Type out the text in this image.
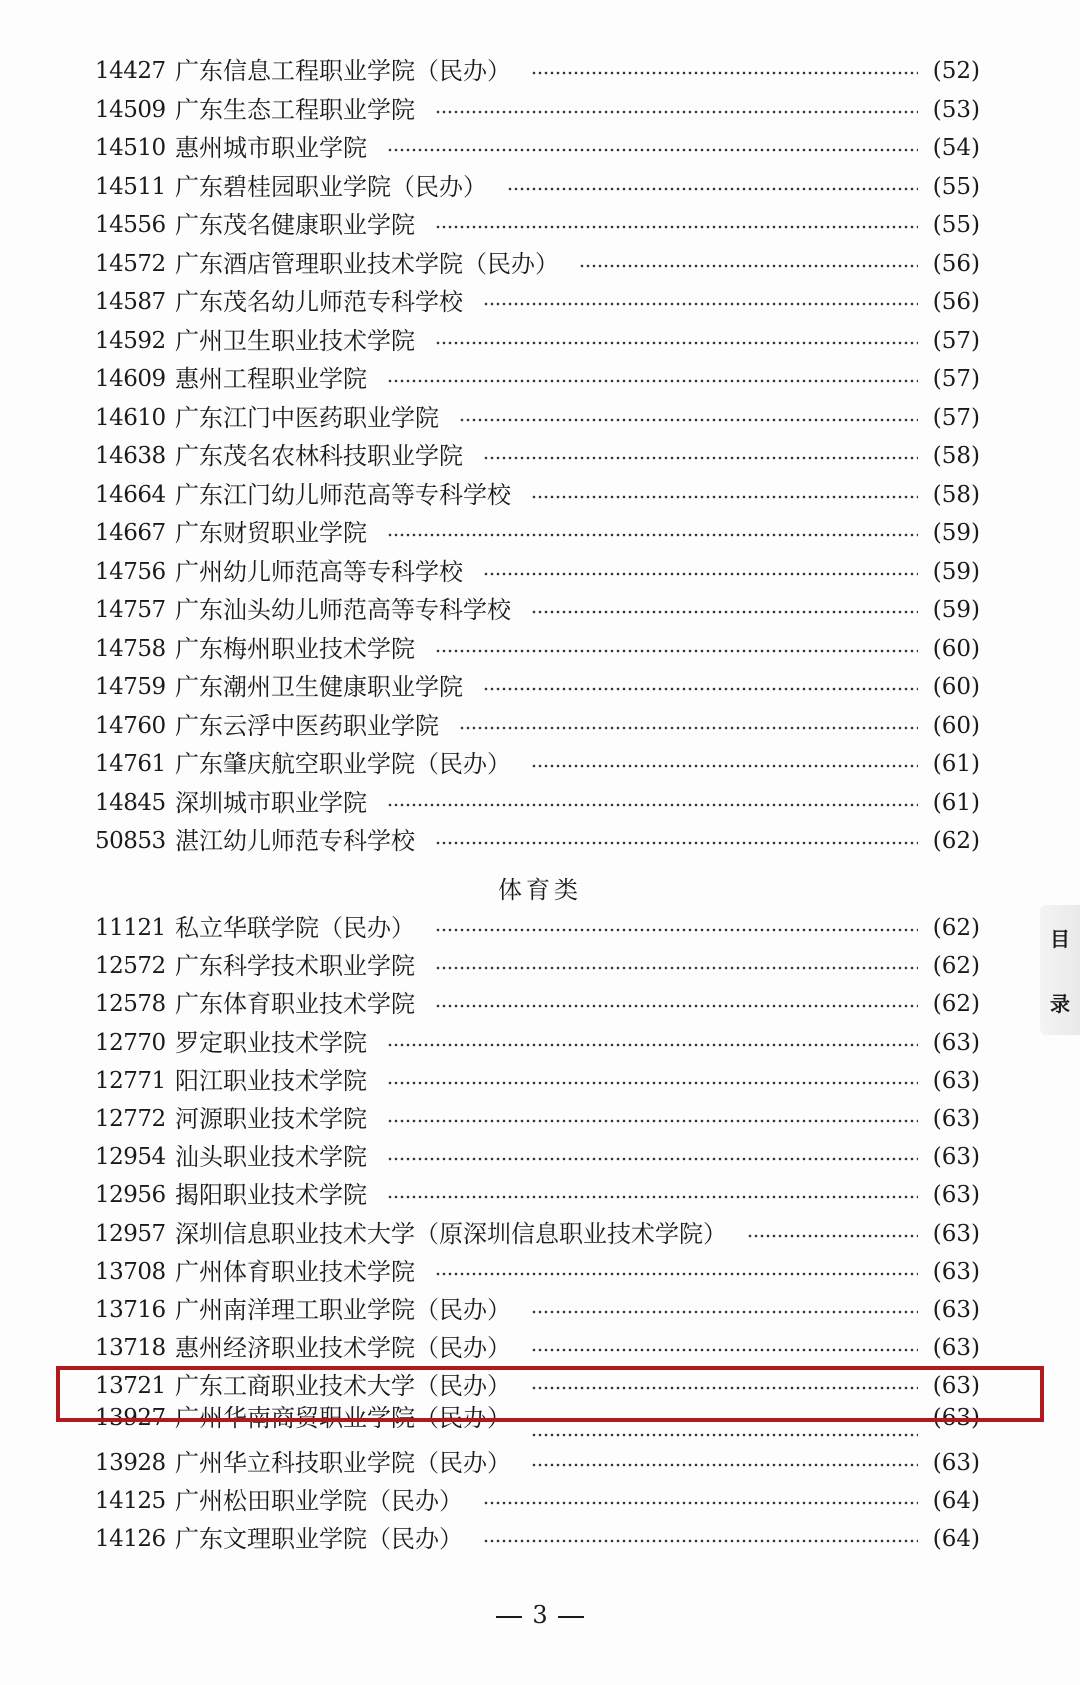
14427 广东信息工程职业学院（民办）	(52)
14509 广东生态工程职业学院	(53)
14510 惠州城市职业学院	(54)
14511 广东碧桂园职业学院（民办）	(55)
14556 广东茂名健康职业学院	(55)
14572 广东酒店管理职业技术学院（民办）	(56)
14587 广东茂名幼儿师范专科学校	(56)
14592 广州卫生职业技术学院	(57)
14609 惠州工程职业学院	(57)
14610 广东江门中医药职业学院	(57)
14638 广东茂名农林科技职业学院	(58)
14664 广东江门幼儿师范高等专科学校	(58)
14667 广东财贸职业学院	(59)
14756 广州幼儿师范高等专科学校	(59)
14757 广东汕头幼儿师范高等专科学校	(59)
14758 广东梅州职业技术学院	(60)
14759 广东潮州卫生健康职业学院	(60)
14760 广东云浮中医药职业学院	(60)
14761 广东肇庆航空职业学院（民办）	(61)
14845 深圳城市职业学院	(61)
50853 湛江幼儿师范专科学校	(62)
体育类
11121 私立华联学院（民办）	(62)
12572 广东科学技术职业学院	(62)
12578 广东体育职业技术学院	(62)
12770 罗定职业技术学院	(63)
12771 阳江职业技术学院	(63)
12772 河源职业技术学院	(63)
12954 汕头职业技术学院	(63)
12956 揭阳职业技术学院	(63)
12957 深圳信息职业技术大学（原深圳信息职业技术学院）	(63)
13708 广州体育职业技术学院	(63)
13716 广州南洋理工职业学院（民办）	(63)
13718 惠州经济职业技术学院（民办）	(63)
13721 广东工商职业技术大学（民办）	(63)
13927 广州华南商贸职业学院（民办）	(63)
13928 广州华立科技职业学院（民办）	(63)
14125 广州松田职业学院（民办）	(64)
14126 广东文理职业学院（民办）	(64)
目
录
3
